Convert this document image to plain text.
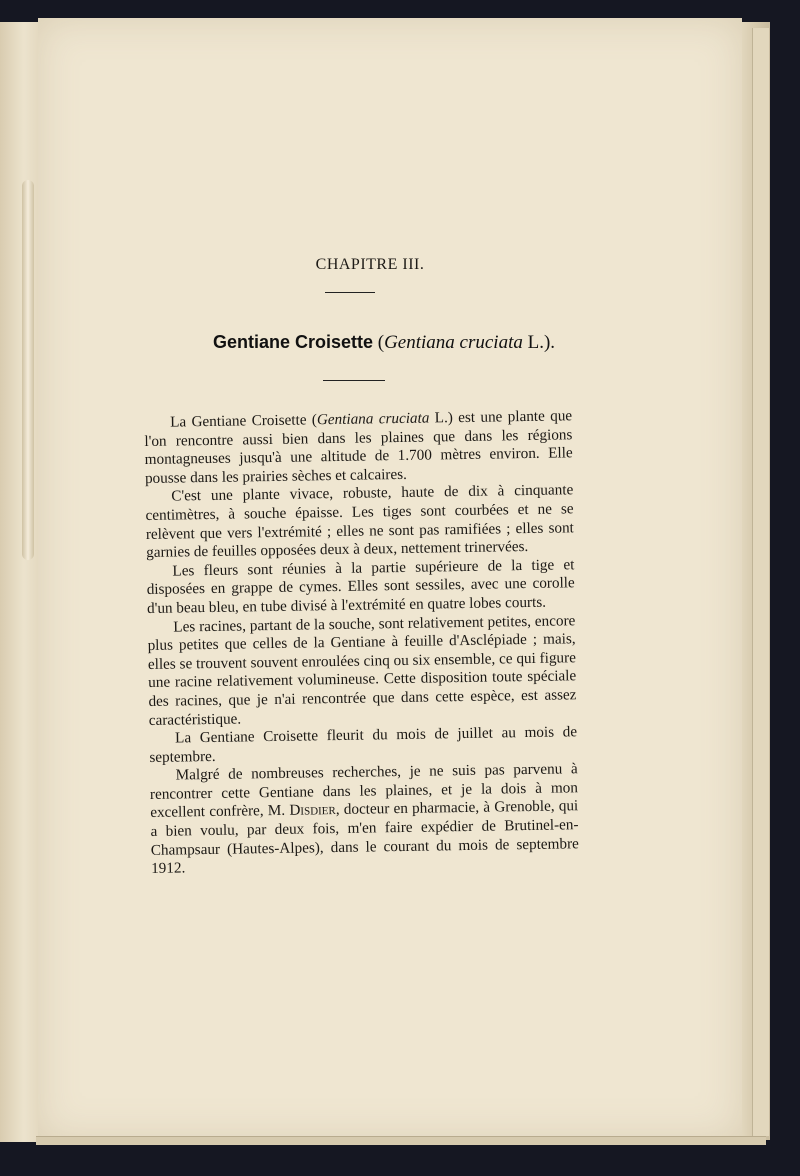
CHAPITRE III.
Gentiane Croisette (Gentiana cruciata L.).

La Gentiane Croisette (Gentiana cruciata L.) est une plante que l'on rencontre aussi bien dans les plaines que dans les régions montagneuses jusqu'à une altitude de 1.700 mètres environ. Elle pousse dans les prairies sèches et calcaires.

C'est une plante vivace, robuste, haute de dix à cinquante centimètres, à souche épaisse. Les tiges sont courbées et ne se relèvent que vers l'extrémité ; elles ne sont pas ramifiées ; elles sont garnies de feuilles opposées deux à deux, nettement trinervées.

Les fleurs sont réunies à la partie supérieure de la tige et disposées en grappe de cymes. Elles sont sessiles, avec une corolle d'un beau bleu, en tube divisé à l'extrémité en quatre lobes courts.

Les racines, partant de la souche, sont relativement petites, encore plus petites que celles de la Gentiane à feuille d'Asclépiade ; mais, elles se trouvent souvent enroulées cinq ou six ensemble, ce qui figure une racine relativement volumineuse. Cette disposition toute spéciale des racines, que je n'ai rencontrée que dans cette espèce, est assez caractéristique.

La Gentiane Croisette fleurit du mois de juillet au mois de septembre.

Malgré de nombreuses recherches, je ne suis pas parvenu à rencontrer cette Gentiane dans les plaines, et je la dois à mon excellent confrère, M. Disdier, docteur en pharmacie, à Grenoble, qui a bien voulu, par deux fois, m'en faire expédier de Brutinel-en-Champsaur (Hautes-Alpes), dans le courant du mois de septembre 1912.
